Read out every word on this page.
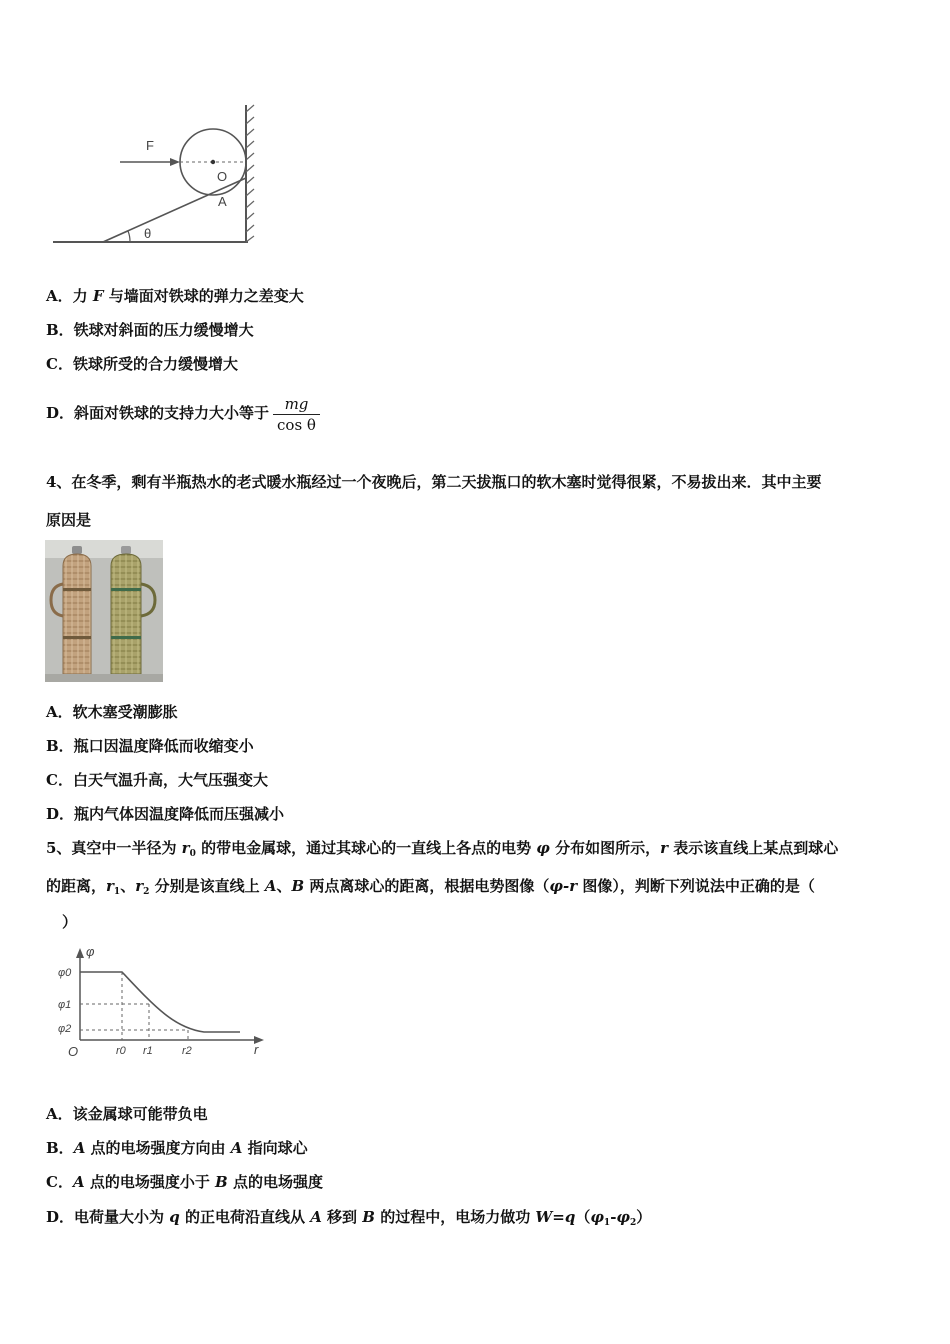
θ
O
A
F
A．力 F 与墙面对铁球的弹力之差变大
B．铁球对斜面的压力缓慢增大
C．铁球所受的合力缓慢增大
D．斜面对铁球的支持力大小等于 $\frac{mg}{\text{cos θ}}$
4、在冬季，剩有半瓶热水的老式暖水瓶经过一个夜晚后，第二天拔瓶口的软木塞时觉得很紧，不易拔出来．其中主要
原因是
A．软木塞受潮膨胀
B．瓶口因温度降低而收缩变小
C．白天气温升高，大气压强变大
D．瓶内气体因温度降低而压强减小
5、真空中一半径为 $r_0$ 的带电金属球，通过其球心的一直线上各点的电势 φ 分布如图所示，r 表示该直线上某点到球心
的距离，$r_1$、$r_2$ 分别是该直线上 A、B 两点离球心的距离，根据电势图像（φ-r 图像），判断下列说法中正确的是（
）
φ
r
O
φ0
φ1
φ2
r0 r1	r2
A．该金属球可能带负电
B．A 点的电场强度方向由 A 指向球心
C．A 点的电场强度小于 B 点的电场强度
D．电荷量大小为 q 的正电荷沿直线从 A 移到 B 的过程中，电场力做功 $W=q(\varphi_1-\varphi_2)$
